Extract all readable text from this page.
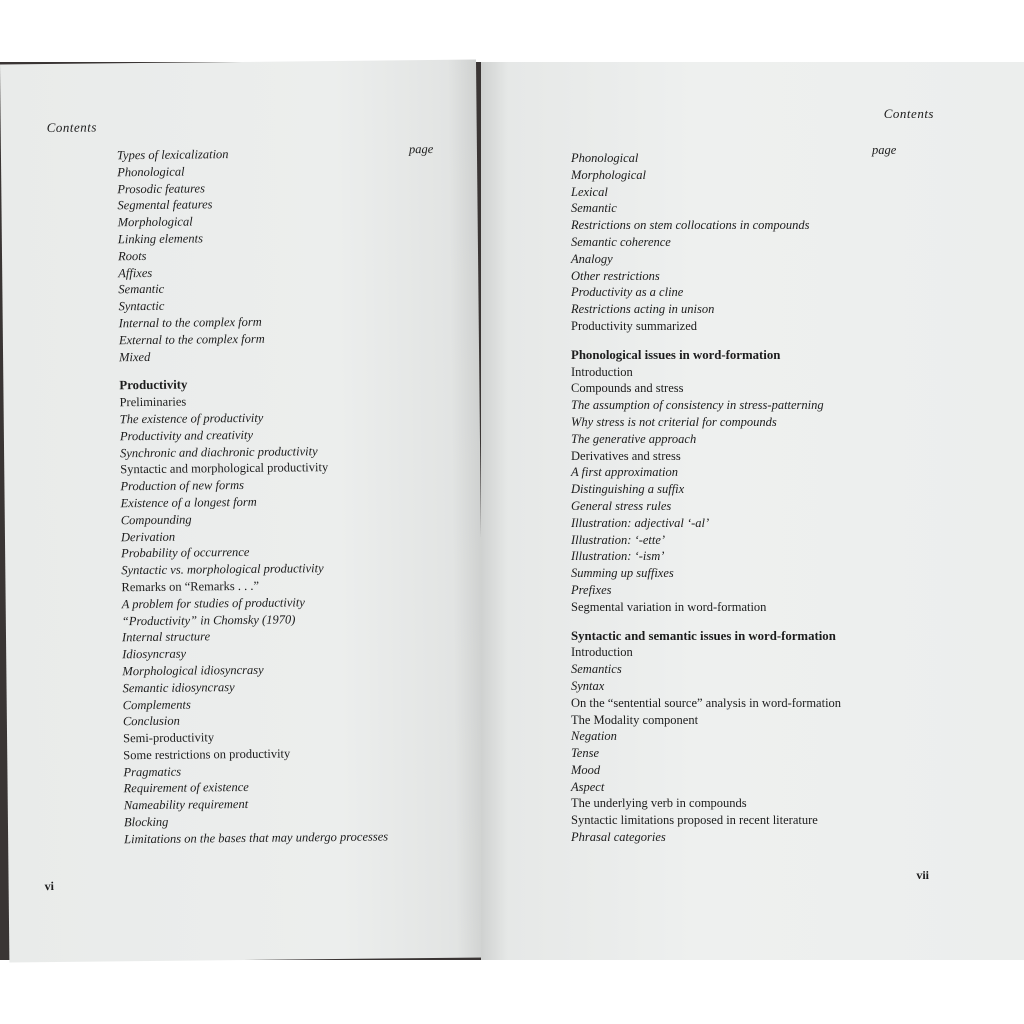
Contents
page
Types of lexicalization
Phonological
Prosodic features
Segmental features
Morphological
Linking elements
Roots
Affixes
Semantic
Syntactic
Internal to the complex form
External to the complex form
Mixed
Productivity
Preliminaries
The existence of productivity
Productivity and creativity
Synchronic and diachronic productivity
Syntactic and morphological productivity
Production of new forms
Existence of a longest form
Compounding
Derivation
Probability of occurrence
Syntactic vs. morphological productivity
Remarks on “Remarks . . .”
A problem for studies of productivity
“Productivity” in Chomsky (1970)
Internal structure
Idiosyncrasy
Morphological idiosyncrasy
Semantic idiosyncrasy
Complements
Conclusion
Semi-productivity
Some restrictions on productivity
Pragmatics
Requirement of existence
Nameability requirement
Blocking
Limitations on the bases that may undergo processes
vi
Contents
page
Phonological
Morphological
Lexical
Semantic
Restrictions on stem collocations in compounds
Semantic coherence
Analogy
Other restrictions
Productivity as a cline
Restrictions acting in unison
Productivity summarized
Phonological issues in word-formation
Introduction
Compounds and stress
The assumption of consistency in stress-patterning
Why stress is not criterial for compounds
The generative approach
Derivatives and stress
A first approximation
Distinguishing a suffix
General stress rules
Illustration: adjectival ‘-al’
Illustration: ‘-ette’
Illustration: ‘-ism’
Summing up suffixes
Prefixes
Segmental variation in word-formation
Syntactic and semantic issues in word-formation
Introduction
Semantics
Syntax
On the “sentential source” analysis in word-formation
The Modality component
Negation
Tense
Mood
Aspect
The underlying verb in compounds
Syntactic limitations proposed in recent literature
Phrasal categories
vii
